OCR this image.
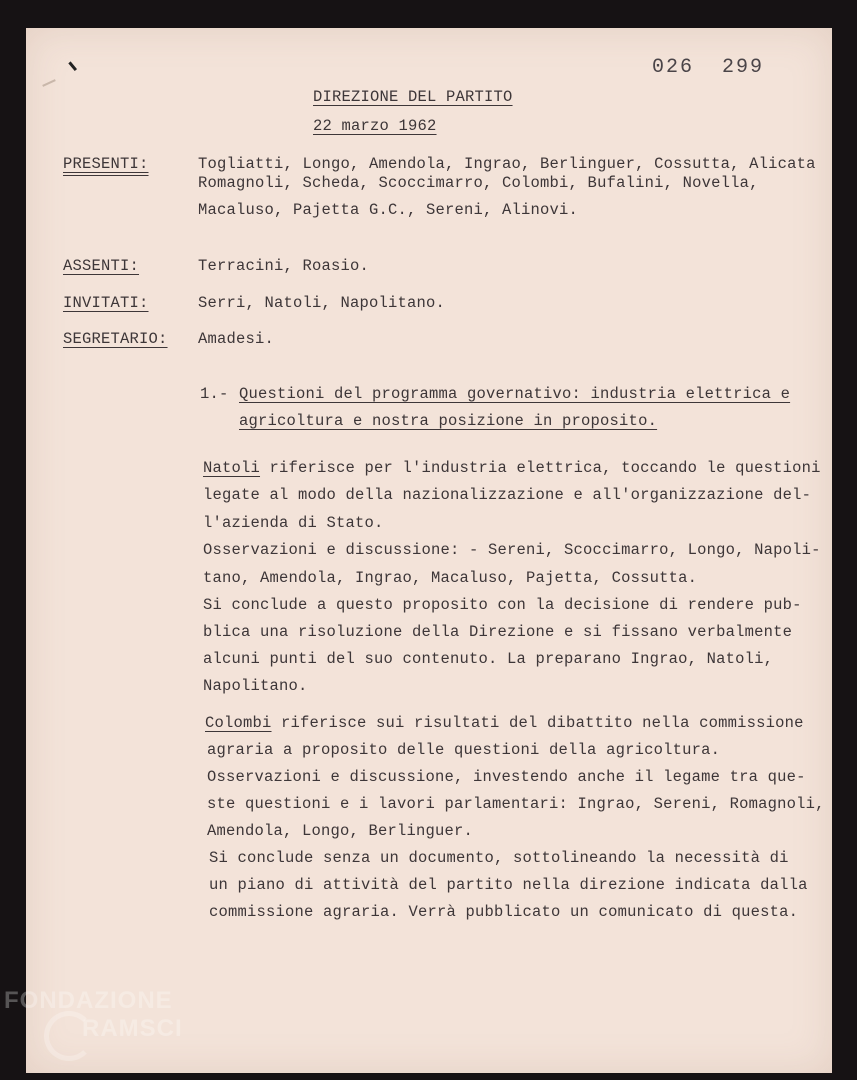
026  299
DIREZIONE DEL PARTITO
22 marzo 1962
PRESENTI:	Togliatti, Longo, Amendola, Ingrao, Berlinguer, Cossutta, Alicata
Romagnoli, Scheda, Scoccimarro, Colombi, Bufalini, Novella,
Macaluso, Pajetta G.C., Sereni, Alinovi.
ASSENTI:	Terracini, Roasio.
INVITATI:	Serri, Natoli, Napolitano.
SEGRETARIO: Amadesi.
1.- Questioni del programma governativo: industria elettrica e
agricoltura e nostra posizione in proposito.
Natoli riferisce per l'industria elettrica, toccando le questioni
legate al modo della nazionalizzazione e all'organizzazione del-
l'azienda di Stato.
Osservazioni e discussione: - Sereni, Scoccimarro, Longo, Napoli-
tano, Amendola, Ingrao, Macaluso, Pajetta, Cossutta.
Si conclude a questo proposito con la decisione di rendere pub-
blica una risoluzione della Direzione e si fissano verbalmente
alcuni punti del suo contenuto. La preparano Ingrao, Natoli,
Napolitano.
Colombi riferisce sui risultati del dibattito nella commissione
agraria a proposito delle questioni della agricoltura.
Osservazioni e discussione, investendo anche il legame tra que-
ste questioni e i lavori parlamentari: Ingrao, Sereni, Romagnoli,
Amendola, Longo, Berlinguer.
Si conclude senza un documento, sottolineando la necessità di
un piano di attività del partito nella direzione indicata dalla
commissione agraria. Verrà pubblicato un comunicato di questa.
FONDAZIONE
RAMSCI
